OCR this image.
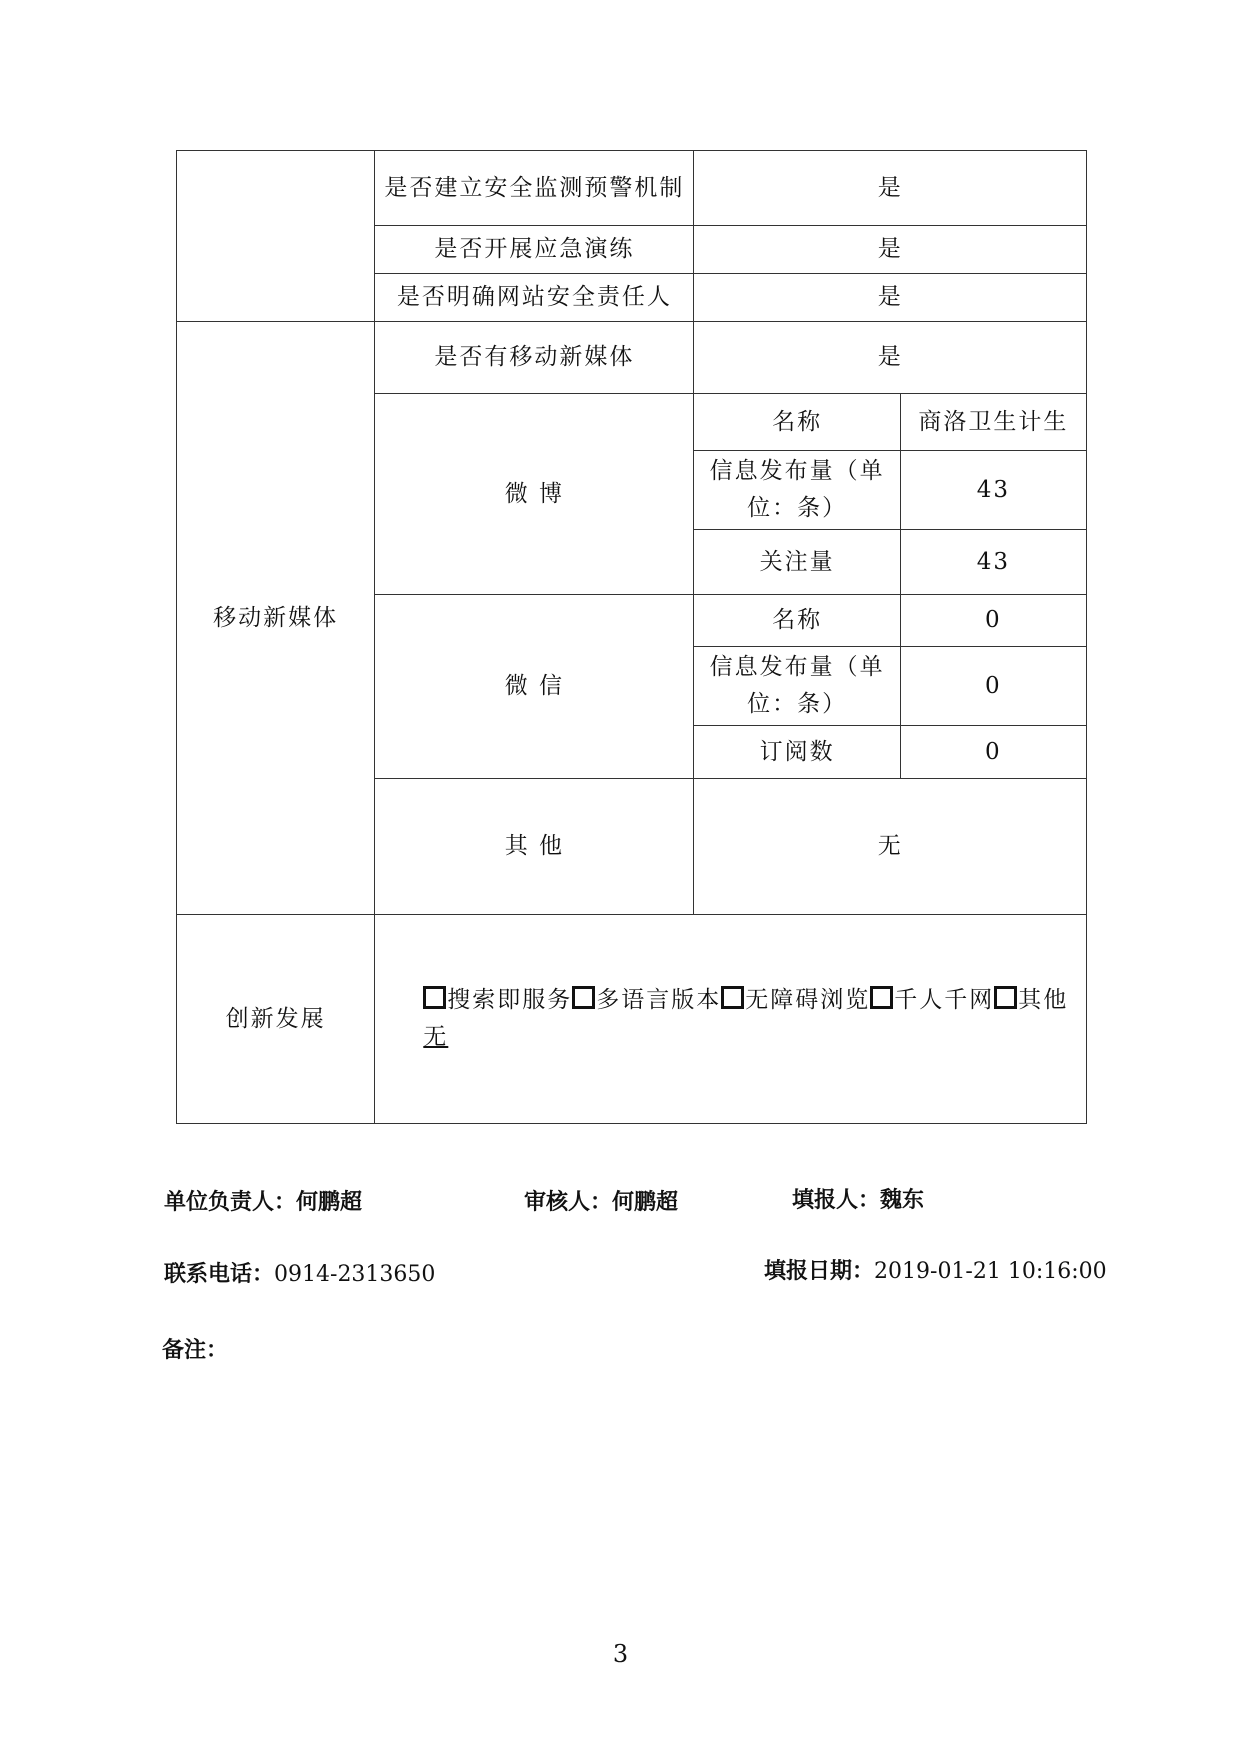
	是否建立安全监测预警机制	是	
	是否开展应急演练	是	
	是否明确网站安全责任人	是	
移动新媒体	是否有移动新媒体	是	
	微 博	名称	商洛卫生计生
		信息发布量（单位：条）	43
		关注量	43
	微 信	名称	0
		信息发布量（单位：条）	0
		订阅数	0
	其 他	无	
创新发展	搜索即服务 多语言版本 无障碍浏览 千人千网 其他
无		
单位负责人：何鹏超	审核人：何鹏超	填报人：魏东
联系电话：0914-2313650	填报日期：2019-01-21 10:16:00
备注：
3
